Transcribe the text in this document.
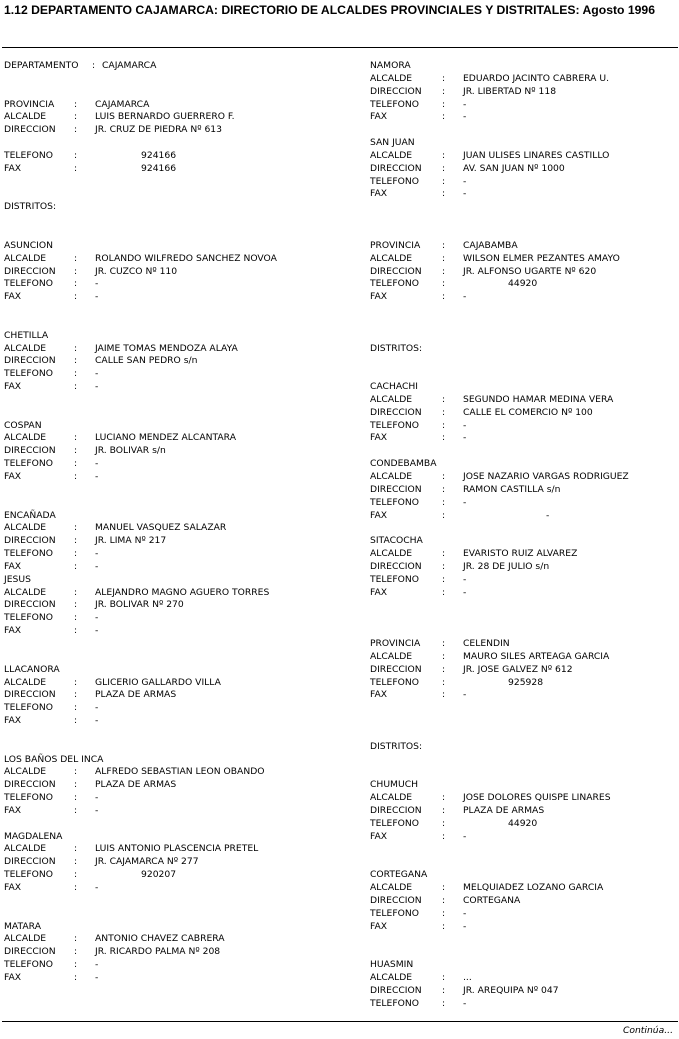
1.12 DEPARTAMENTO CAJAMARCA: DIRECTORIO DE ALCALDES PROVINCIALES Y DISTRITALES: Agosto 1996
DEPARTAMENTO : CAJAMARCA
PROVINCIA : CAJAMARCA
ALCALDE	: LUIS BERNARDO GUERRERO F.
DIRECCION : JR. CRUZ DE PIEDRA Nº 613
TELEFONO :	924166
FAX	:	924166
DISTRITOS:
ASUNCION
ALCALDE	: ROLANDO WILFREDO SANCHEZ NOVOA
DIRECCION : JR. CUZCO Nº 110
TELEFONO : -
FAX	: -
CHETILLA
ALCALDE	: JAIME TOMAS MENDOZA ALAYA
DIRECCION : CALLE SAN PEDRO s/n
TELEFONO : -
FAX	: -
COSPAN
ALCALDE	: LUCIANO MENDEZ ALCANTARA
DIRECCION : JR. BOLIVAR s/n
TELEFONO : -
FAX	: -
ENCAÑADA
ALCALDE	: MANUEL VASQUEZ SALAZAR
DIRECCION : JR. LIMA Nº 217
TELEFONO : -
FAX	: -
JESUS
ALCALDE	: ALEJANDRO MAGNO AGUERO TORRES
DIRECCION : JR. BOLIVAR Nº 270
TELEFONO : -
FAX	: -
LLACANORA
ALCALDE	: GLICERIO GALLARDO VILLA
DIRECCION : PLAZA DE ARMAS
TELEFONO : -
FAX	: -
LOS BAÑOS DEL INCA
ALCALDE	: ALFREDO SEBASTIAN LEON OBANDO
DIRECCION : PLAZA DE ARMAS
TELEFONO : -
FAX	: -
MAGDALENA
ALCALDE	: LUIS ANTONIO PLASCENCIA PRETEL
DIRECCION : JR. CAJAMARCA Nº 277
TELEFONO :	920207
FAX	: -
MATARA
ALCALDE	: ANTONIO CHAVEZ CABRERA
DIRECCION : JR. RICARDO PALMA Nº 208
TELEFONO : -
FAX	: -
NAMORA
ALCALDE	: EDUARDO JACINTO CABRERA U.
DIRECCION : JR. LIBERTAD Nº 118
TELEFONO	: -
FAX	: -
SAN JUAN
ALCALDE	: JUAN ULISES LINARES CASTILLO
DIRECCION : AV. SAN JUAN Nº 1000
TELEFONO	: -
FAX	: -
PROVINCIA : CAJABAMBA
ALCALDE	: WILSON ELMER PEZANTES AMAYO
DIRECCION : JR. ALFONSO UGARTE Nº 620
TELEFONO	:	44920
FAX	: -
DISTRITOS:
CACHACHI
ALCALDE	: SEGUNDO HAMAR MEDINA VERA
DIRECCION : CALLE EL COMERCIO Nº 100
TELEFONO	: -
FAX	: -
CONDEBAMBA
ALCALDE	: JOSE NAZARIO VARGAS RODRIGUEZ
DIRECCION : RAMON CASTILLA s/n
TELEFONO	: -
FAX	:	-
SITACOCHA
ALCALDE	: EVARISTO RUIZ ALVAREZ
DIRECCION : JR. 28 DE JULIO s/n
TELEFONO	: -
FAX	: -
PROVINCIA : CELENDIN
ALCALDE	: MAURO SILES ARTEAGA GARCIA
DIRECCION : JR. JOSE GALVEZ Nº 612
TELEFONO	:	925928
FAX	: -
DISTRITOS:
CHUMUCH
ALCALDE	: JOSE DOLORES QUISPE LINARES
DIRECCION : PLAZA DE ARMAS
TELEFONO	:	44920
FAX	: -
CORTEGANA
ALCALDE	: MELQUIADEZ LOZANO GARCIA
DIRECCION : CORTEGANA
TELEFONO	: -
FAX	: -
HUASMIN
ALCALDE	: ...
DIRECCION : JR. AREQUIPA Nº 047
TELEFONO	: -
Continúa...
